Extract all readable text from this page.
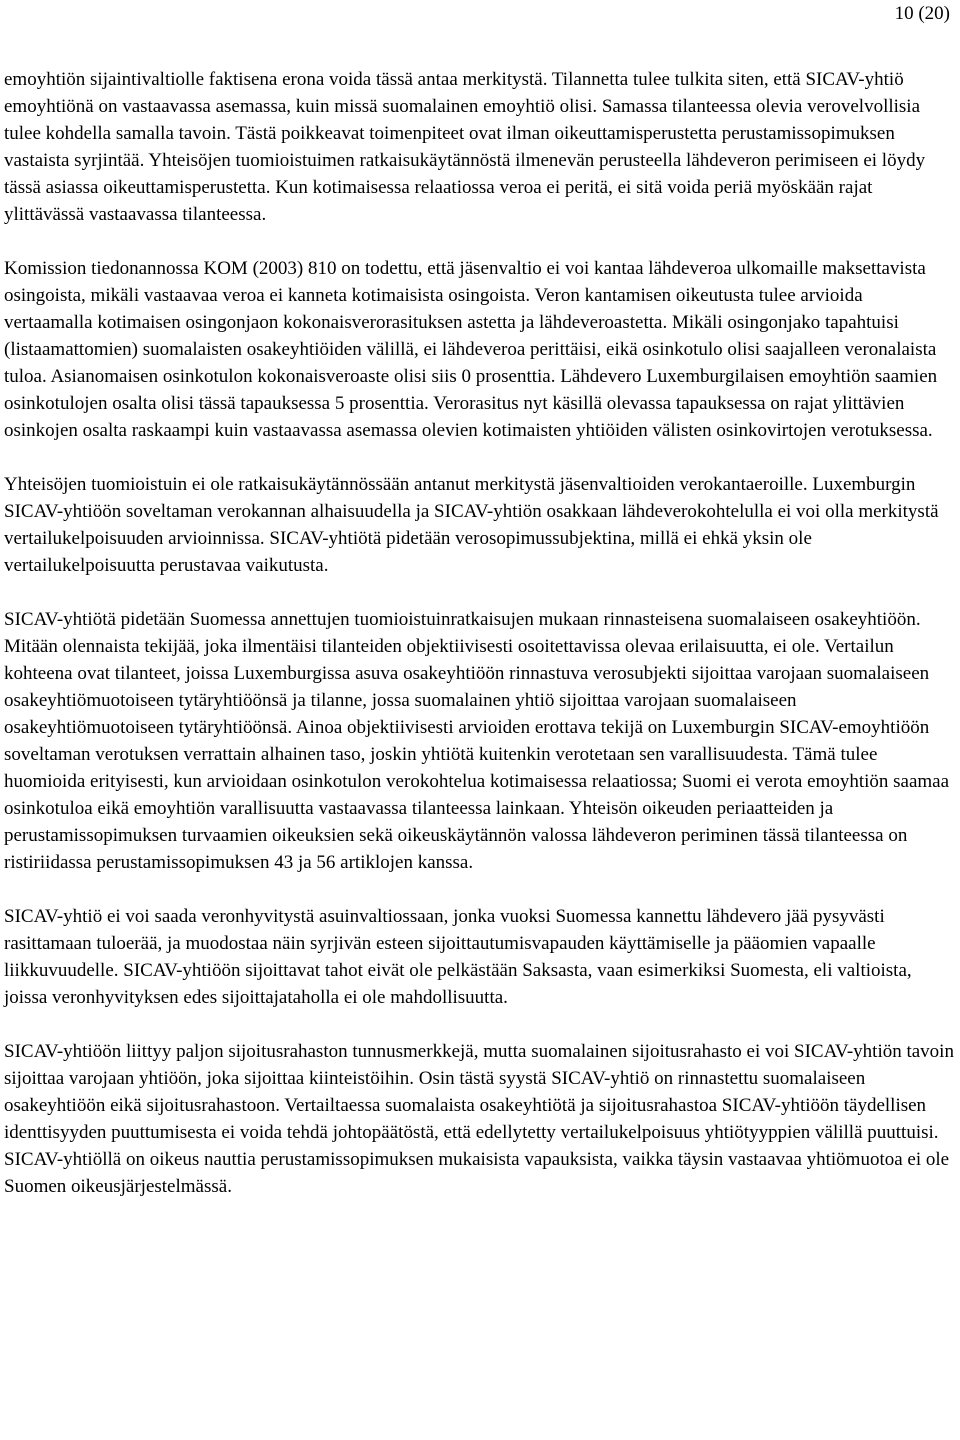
10 (20)

emoyhtiön sijaintivaltiolle faktisena erona voida tässä antaa merkitystä. Tilannetta tulee tulkita siten, että SICAV-yhtiö emoyhtiönä on vastaavassa asemassa, kuin missä suomalainen emoyhtiö olisi. Samassa tilanteessa olevia verovelvollisia tulee kohdella samalla tavoin. Tästä poikkeavat toimenpiteet ovat ilman oikeuttamisperustetta perustamissopimuksen vastaista syrjintää. Yhteisöjen tuomioistuimen ratkaisukäytännöstä ilmenevän perusteella lähdeveron perimiseen ei löydy tässä asiassa oikeuttamisperustetta. Kun kotimaisessa relaatiossa veroa ei peritä, ei sitä voida periä myöskään rajat ylittävässä vastaavassa tilanteessa.

Komission tiedonannossa KOM (2003) 810 on todettu, että jäsenvaltio ei voi kantaa lähdeveroa ulkomaille maksettavista osingoista, mikäli vastaavaa veroa ei kanneta kotimaisista osingoista. Veron kantamisen oikeutusta tulee arvioida vertaamalla kotimaisen osingonjaon kokonaisverorasituksen astetta ja lähdeveroastetta. Mikäli osingonjako tapahtuisi (listaamattomien) suomalaisten osakeyhtiöiden välillä, ei lähdeveroa perittäisi, eikä osinkotulo olisi saajalleen veronalaista tuloa. Asianomaisen osinkotulon kokonaisveroaste olisi siis 0 prosenttia. Lähdevero Luxemburgilaisen emoyhtiön saamien osinkotulojen osalta olisi tässä tapauksessa 5 prosenttia. Verorasitus nyt käsillä olevassa tapauksessa on rajat ylittävien osinkojen osalta raskaampi kuin vastaavassa asemassa olevien kotimaisten yhtiöiden välisten osinkovirtojen verotuksessa.

Yhteisöjen tuomioistuin ei ole ratkaisukäytännössään antanut merkitystä jäsenvaltioiden verokantaeroille. Luxemburgin SICAV-yhtiöön soveltaman verokannan alhaisuudella ja SICAV-yhtiön osakkaan lähdeverokohtelulla ei voi olla merkitystä vertailukelpoisuuden arvioinnissa. SICAV-yhtiötä pidetään verosopimussubjektina, millä ei ehkä yksin ole vertailukelpoisuutta perustavaa vaikutusta.

SICAV-yhtiötä pidetään Suomessa annettujen tuomioistuinratkaisujen mukaan rinnasteisena suomalaiseen osakeyhtiöön. Mitään olennaista tekijää, joka ilmentäisi tilanteiden objektiivisesti osoitettavissa olevaa erilaisuutta, ei ole. Vertailun kohteena ovat tilanteet, joissa Luxemburgissa asuva osakeyhtiöön rinnastuva verosubjekti sijoittaa varojaan suomalaiseen osakeyhtiömuotoiseen tytäryhtiöönsä ja tilanne, jossa suomalainen yhtiö sijoittaa varojaan suomalaiseen osakeyhtiömuotoiseen tytäryhtiöönsä. Ainoa objektiivisesti arvioiden erottava tekijä on Luxemburgin SICAV-emoyhtiöön soveltaman verotuksen verrattain alhainen taso, joskin yhtiötä kuitenkin verotetaan sen varallisuudesta. Tämä tulee huomioida erityisesti, kun arvioidaan osinkotulon verokohtelua kotimaisessa relaatiossa; Suomi ei verota emoyhtiön saamaa osinkotuloa eikä emoyhtiön varallisuutta vastaavassa tilanteessa lainkaan. Yhteisön oikeuden periaatteiden ja perustamissopimuksen turvaamien oikeuksien sekä oikeuskäytännön valossa lähdeveron periminen tässä tilanteessa on ristiriidassa perustamissopimuksen 43 ja 56 artiklojen kanssa.

SICAV-yhtiö ei voi saada veronhyvitystä asuinvaltiossaan, jonka vuoksi Suomessa kannettu lähdevero jää pysyvästi rasittamaan tuloerää, ja muodostaa näin syrjivän esteen sijoittautumisvapauden käyttämiselle ja pääomien vapaalle liikkuvuudelle. SICAV-yhtiöön sijoittavat tahot eivät ole pelkästään Saksasta, vaan esimerkiksi Suomesta, eli valtioista, joissa veronhyvityksen edes sijoittajataholla ei ole mahdollisuutta.

SICAV-yhtiöön liittyy paljon sijoitusrahaston tunnusmerkkejä, mutta suomalainen sijoitusrahasto ei voi SICAV-yhtiön tavoin sijoittaa varojaan yhtiöön, joka sijoittaa kiinteistöihin. Osin tästä syystä SICAV-yhtiö on rinnastettu suomalaiseen osakeyhtiöön eikä sijoitusrahastoon. Vertailtaessa suomalaista osakeyhtiötä ja sijoitusrahastoa SICAV-yhtiöön täydellisen identtisyyden puuttumisesta ei voida tehdä johtopäätöstä, että edellytetty vertailukelpoisuus yhtiötyyppien välillä puuttuisi. SICAV-yhtiöllä on oikeus nauttia perustamissopimuksen mukaisista vapauksista, vaikka täysin vastaavaa yhtiömuotoa ei ole Suomen oikeusjärjestelmässä.
